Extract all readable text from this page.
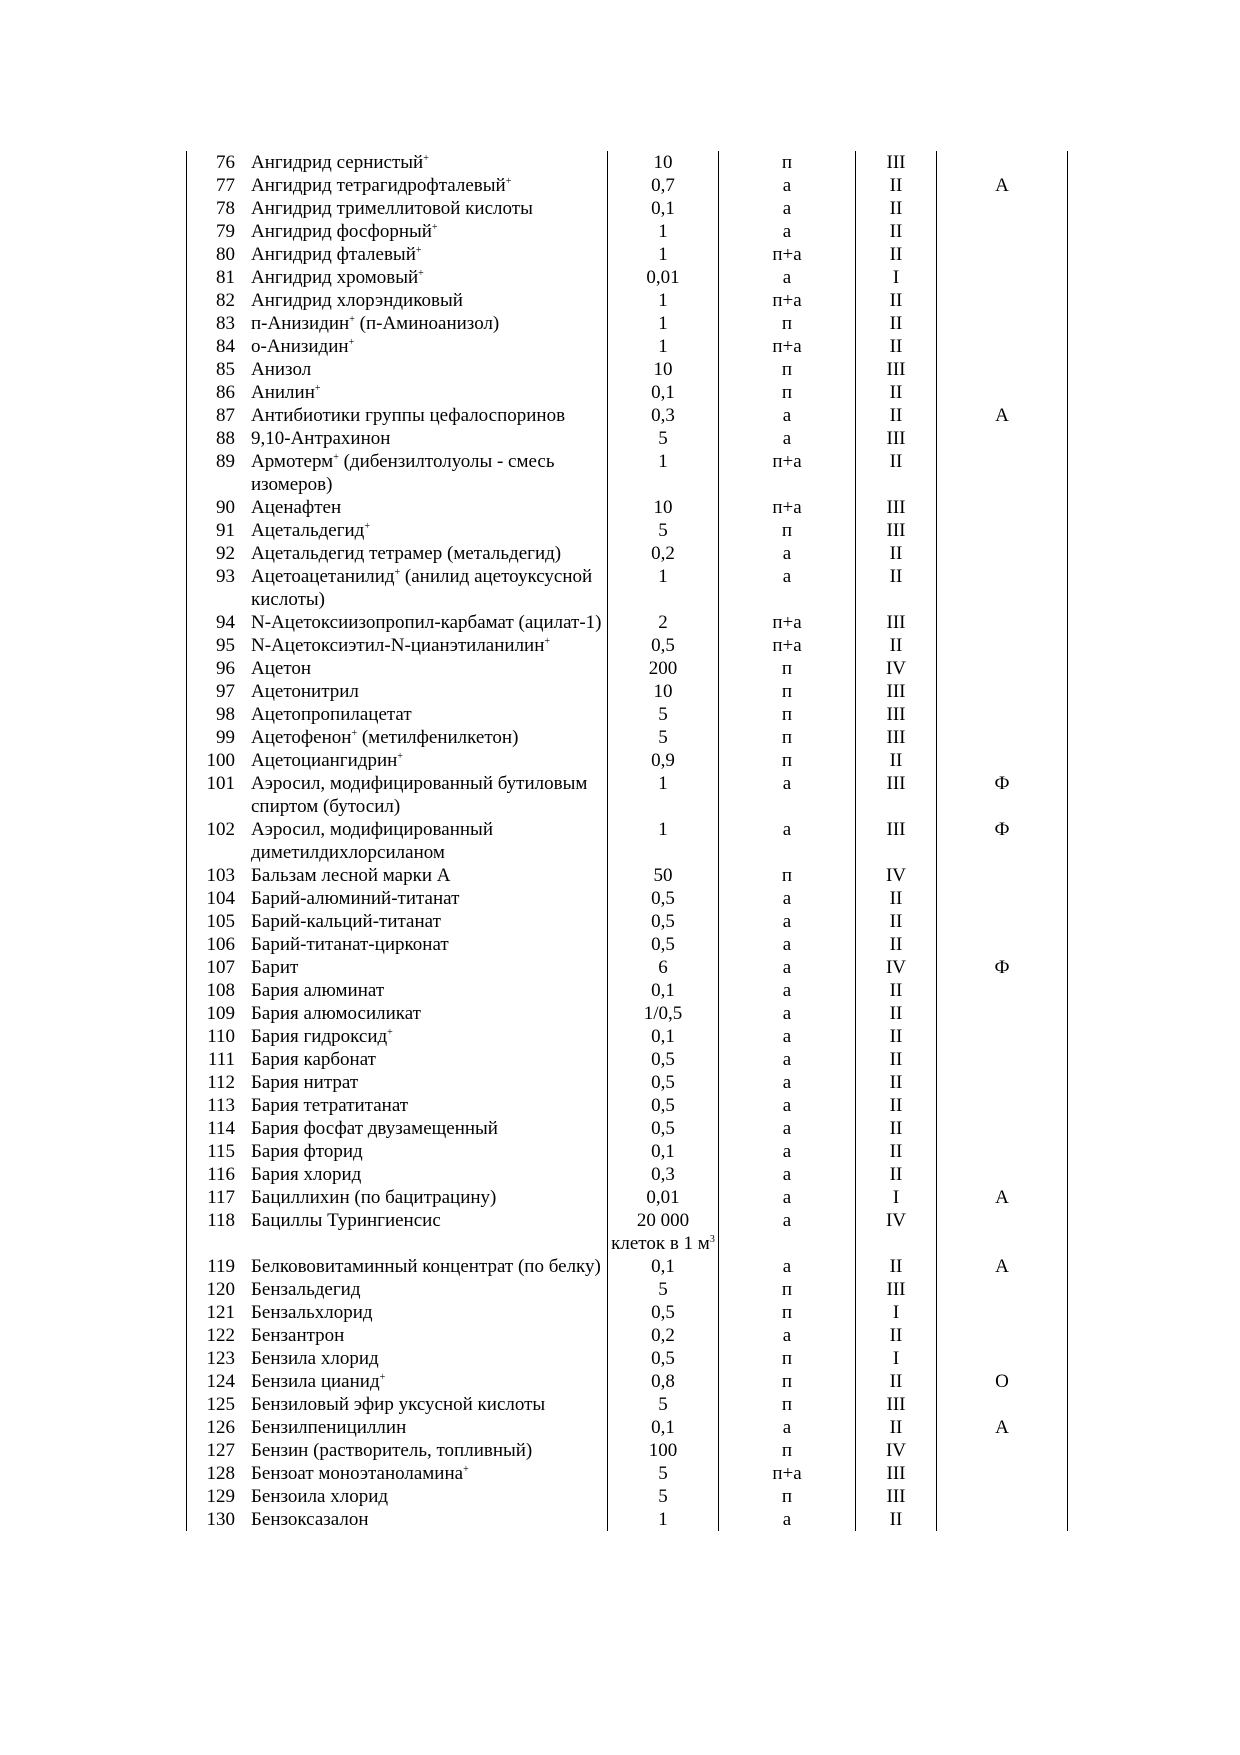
76	Ангидрид сернистый+	10	п	III	
77	Ангидрид тетрагидрофталевый+	0,7	а	II	А
78	Ангидрид тримеллитовой кислоты	0,1	а	II	
79	Ангидрид фосфорный+	1	а	II	
80	Ангидрид фталевый+	1	п+а	II	
81	Ангидрид хромовый+	0,01	а	I	
82	Ангидрид хлорэндиковый	1	п+а	II	
83	п-Анизидин+ (п-Аминоанизол)	1	п	II	
84	о-Анизидин+	1	п+а	II	
85	Анизол	10	п	III	
86	Анилин+	0,1	п	II	
87	Антибиотики группы цефалоспоринов	0,3	а	II	А
88	9,10-Антрахинон	5	а	III	
89	Армотерм+ (дибензилтолуолы - смесь изомеров)	1	п+а	II	
90	Аценафтен	10	п+а	III	
91	Ацетальдегид+	5	п	III	
92	Ацетальдегид тетрамер (метальдегид)	0,2	а	II	
93	Ацетоацетанилид+ (анилид ацетоуксусной кислоты)	1	а	II	
94	N-Ацетоксиизопропил-карбамат (ацилат-1)	2	п+а	III	
95	N-Ацетоксиэтил-N-цианэтиланилин+	0,5	п+а	II	
96	Ацетон	200	п	IV	
97	Ацетонитрил	10	п	III	
98	Ацетопропилацетат	5	п	III	
99	Ацетофенон+ (метилфенилкетон)	5	п	III	
100	Ацетоциангидрин+	0,9	п	II	
101	Аэросил, модифицированный бутиловым спиртом (бутосил)	1	а	III	Ф
102	Аэросил, модифицированный диметилдихлорсиланом	1	а	III	Ф
103	Бальзам лесной марки А	50	п	IV	
104	Барий-алюминий-титанат	0,5	а	II	
105	Барий-кальций-титанат	0,5	а	II	
106	Барий-титанат-цирконат	0,5	а	II	
107	Барит	6	а	IV	Ф
108	Бария алюминат	0,1	а	II	
109	Бария алюмосиликат	1/0,5	а	II	
110	Бария гидроксид+	0,1	а	II	
111	Бария карбонат	0,5	а	II	
112	Бария нитрат	0,5	а	II	
113	Бария тетратитанат	0,5	а	II	
114	Бария фосфат двузамещенный	0,5	а	II	
115	Бария фторид	0,1	а	II	
116	Бария хлорид	0,3	а	II	
117	Бациллихин (по бацитрацину)	0,01	а	I	А
118	Бациллы Турингиенсис	20 000 клеток в 1 $м^3$	а	IV	
119	Белкововитаминный концентрат (по белку)	0,1	а	II	А
120	Бензальдегид	5	п	III	
121	Бензальхлорид	0,5	п	I	
122	Бензантрон	0,2	а	II	
123	Бензила хлорид	0,5	п	I	
124	Бензила цианид+	0,8	п	II	О
125	Бензиловый эфир уксусной кислоты	5	п	III	
126	Бензилпенициллин	0,1	а	II	А
127	Бензин (растворитель, топливный)	100	п	IV	
128	Бензоат моноэтаноламина+	5	п+а	III	
129	Бензоила хлорид	5	п	III	
130	Бензоксазалон	1	а	II	
